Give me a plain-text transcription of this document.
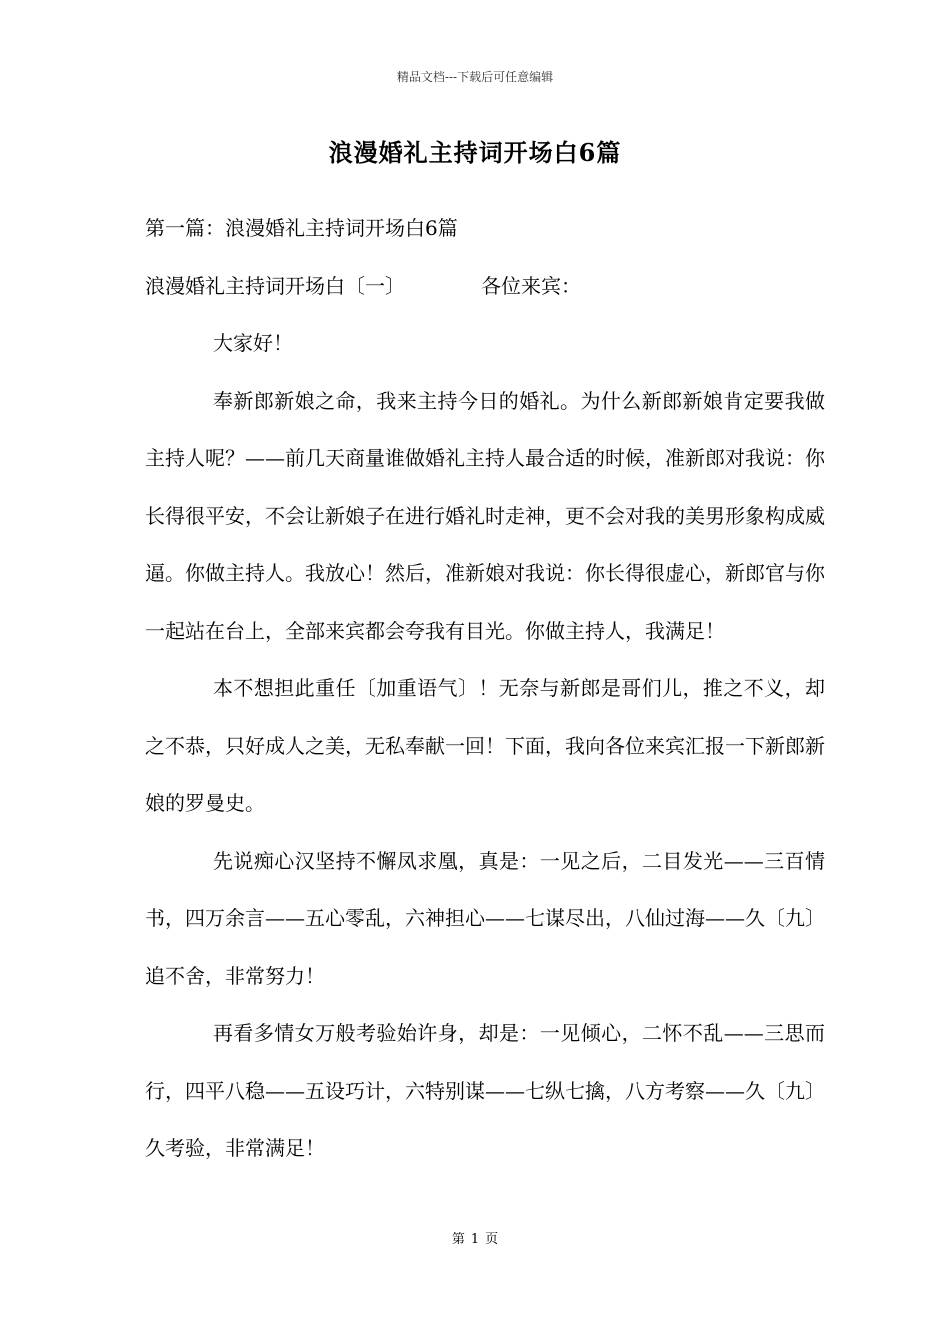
精品文档---下载后可任意编辑
浪漫婚礼主持词开场白6篇
第一篇：浪漫婚礼主持词开场白6篇
浪漫婚礼主持词开场白〔一〕	各位来宾：

大家好！

奉新郎新娘之命，我来主持今日的婚礼。为什么新郎新娘肯定要我做主持人呢？——前几天商量谁做婚礼主持人最合适的时候，准新郎对我说：你长得很平安，不会让新娘子在进行婚礼时走神，更不会对我的美男形象构成威逼。你做主持人。我放心！然后，准新娘对我说：你长得很虚心，新郎官与你一起站在台上，全部来宾都会夸我有目光。你做主持人，我满足！

本不想担此重任〔加重语气〕！无奈与新郎是哥们儿，推之不义，却之不恭，只好成人之美，无私奉献一回！下面，我向各位来宾汇报一下新郎新娘的罗曼史。

先说痴心汉坚持不懈凤求凰，真是：一见之后，二目发光——三百情书，四万余言——五心零乱，六神担心——七谋尽出，八仙过海——久〔九〕追不舍，非常努力！

再看多情女万般考验始许身，却是：一见倾心，二怀不乱——三思而行，四平八稳——五设巧计，六特别谋——七纵七擒，八方考察——久〔九〕久考验，非常满足！

第 1 页
